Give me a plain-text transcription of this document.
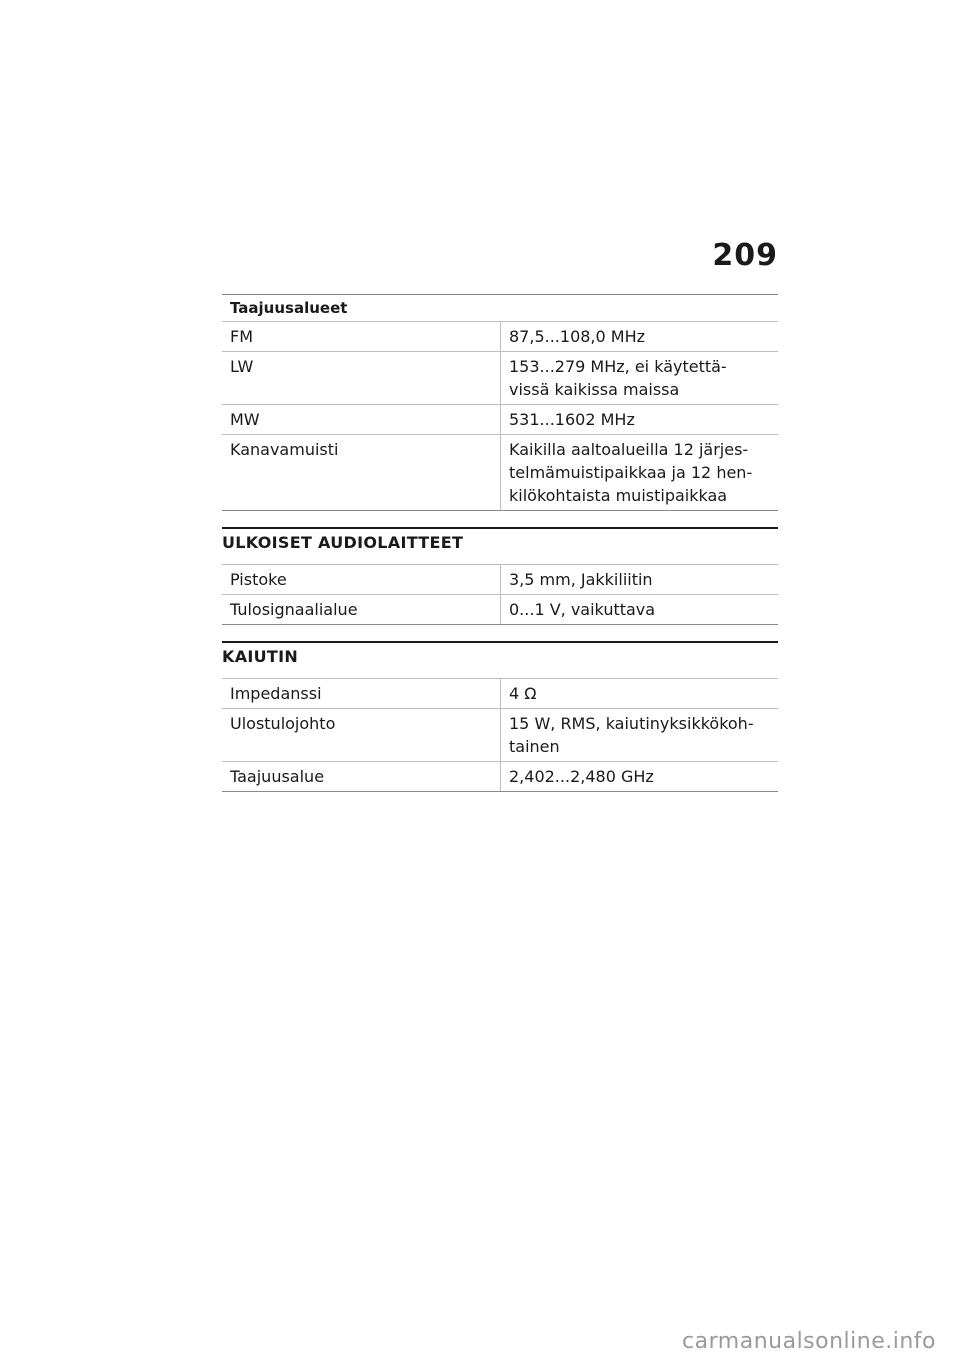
209
Taajuusalueet
FM	87,5...108,0 MHz

LW	153...279 MHz, ei käytettä-
vissä kaikissa maissa

MW	531...1602 MHz

Kanavamuisti	Kaikilla aaltoalueilla 12 järjes-
telmämuistipaikkaa ja 12 hen-
kilökohtaista muistipaikkaa
ULKOISET AUDIOLAITTEET
Pistoke	3,5 mm, Jakkiliitin

Tulosignaalialue	0...1 V, vaikuttava
KAIUTIN
Impedanssi	4 Ω

Ulostulojohto	15 W, RMS, kaiutinyksikkökoh-
tainen

Taajuusalue	2,402...2,480 GHz
carmanualsonline.info
